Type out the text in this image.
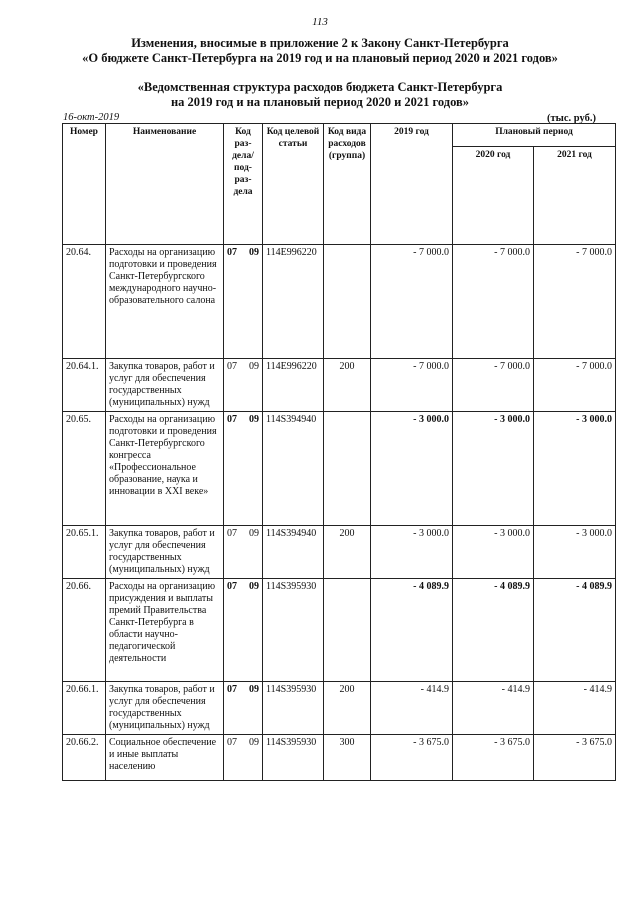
113
Изменения, вносимые в приложение 2 к Закону Санкт-Петербурга
«О бюджете Санкт-Петербурга на 2019 год и на плановый период 2020 и 2021 годов»
«Ведомственная структура расходов бюджета Санкт-Петербурга
на 2019 год и на плановый период 2020 и 2021 годов»
16-окт-2019	(тыс. руб.)
Номер	Наименование	Код раз-дела/ под-раз-дела	Код целевой статьи	Код вида расходов (группа)	2019 год	Плановый период	
						2020 год	2021 год
20.64.	Расходы на организацию подготовки и проведения Санкт-Петербургского международного научно-образовательного салона	07 09	114Е996220		- 7 000.0	- 7 000.0	- 7 000.0
20.64.1.	Закупка товаров, работ и услуг для обеспечения государственных (муниципальных) нужд	07 09	114Е996220	200	- 7 000.0	- 7 000.0	- 7 000.0
20.65.	Расходы на организацию подготовки и проведения Санкт-Петербургского конгресса «Профессиональное образование, наука и инновации в XXI веке»	07 09	114S394940		- 3 000.0	- 3 000.0	- 3 000.0
20.65.1.	Закупка товаров, работ и услуг для обеспечения государственных (муниципальных) нужд	07 09	114S394940	200	- 3 000.0	- 3 000.0	- 3 000.0
20.66.	Расходы на организацию присуждения и выплаты премий Правительства Санкт-Петербурга в области научно-педагогической деятельности	07 09	114S395930		- 4 089.9	- 4 089.9	- 4 089.9
20.66.1.	Закупка товаров, работ и услуг для обеспечения государственных (муниципальных) нужд	07 09	114S395930	200	- 414.9	- 414.9	- 414.9
20.66.2.	Социальное обеспечение и иные выплаты населению	07 09	114S395930	300	- 3 675.0	- 3 675.0	- 3 675.0
